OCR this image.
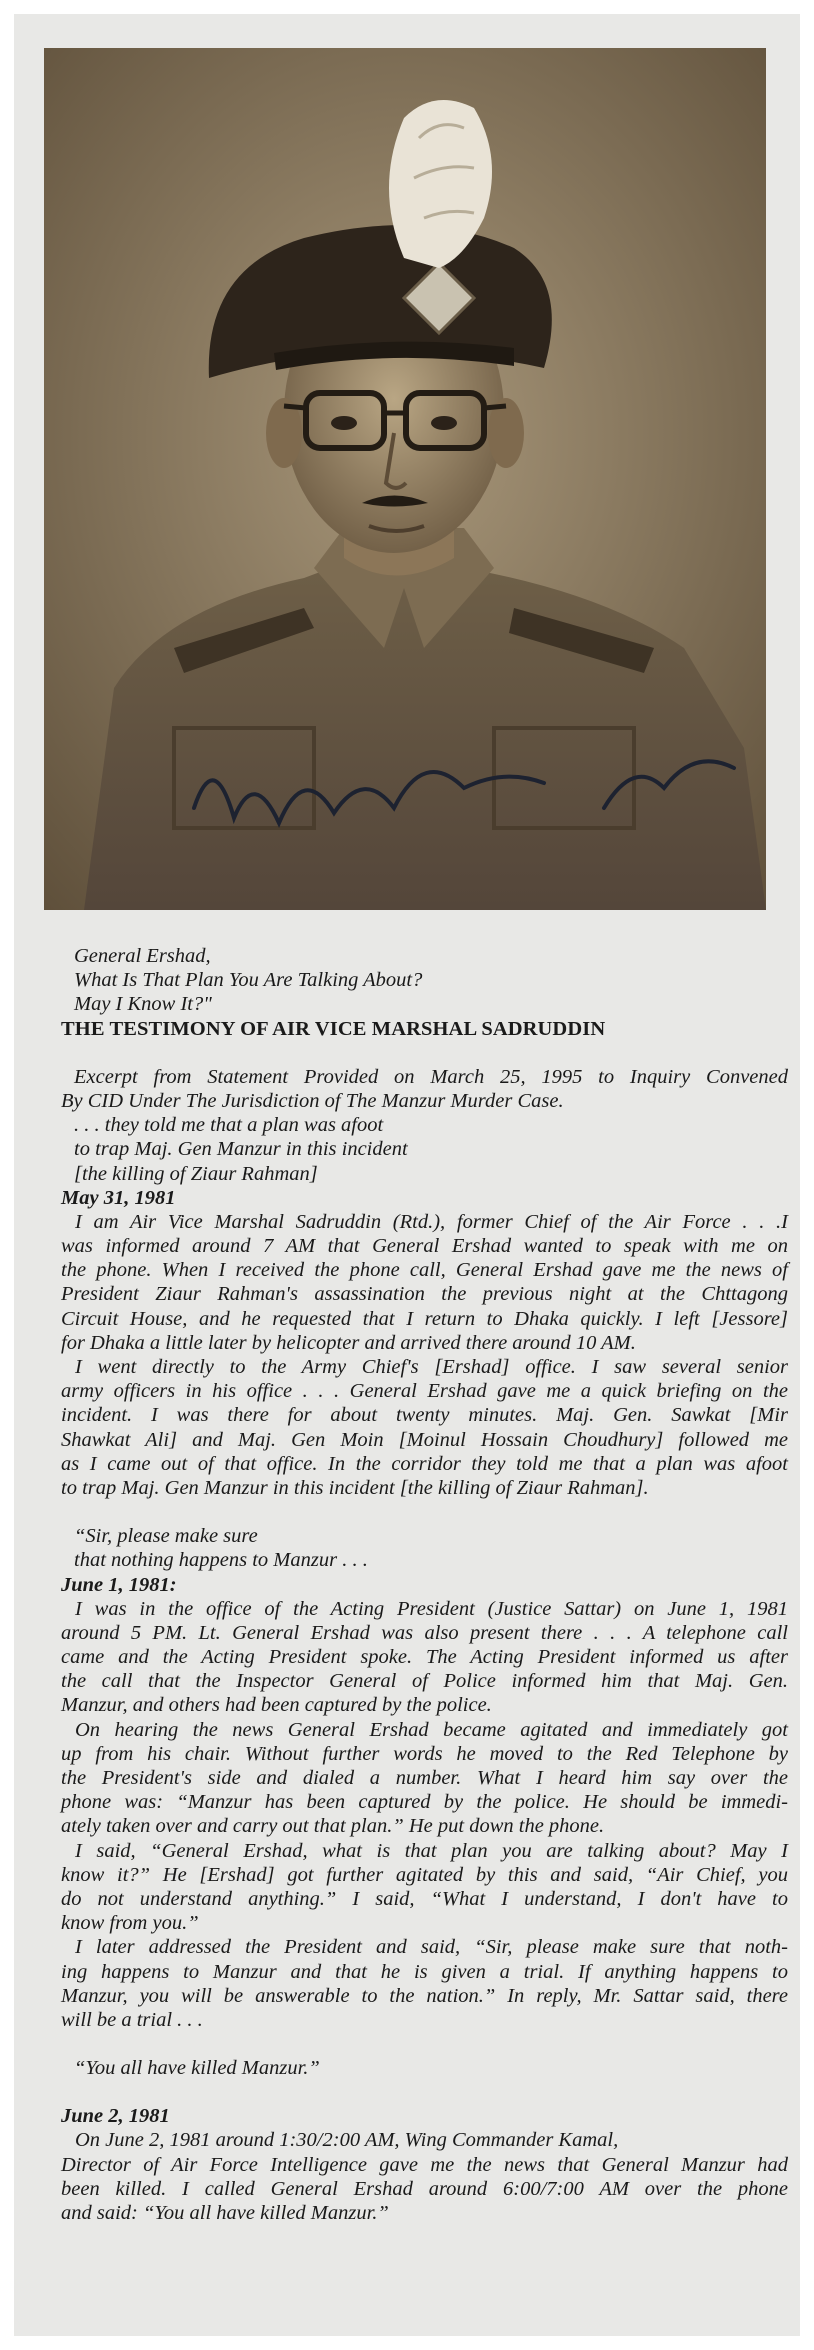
General Ershad,
What Is That Plan You Are Talking About?
May I Know It?"
THE TESTIMONY OF AIR VICE MARSHAL SADRUDDIN
Excerpt from Statement Provided on March 25, 1995 to Inquiry Convened
By CID Under The Jurisdiction of The Manzur Murder Case.
. . . they told me that a plan was afoot
to trap Maj. Gen Manzur in this incident
[the killing of Ziaur Rahman]
May 31, 1981
I am Air Vice Marshal Sadruddin (Rtd.), former Chief of the Air Force . . .I
was informed around 7 AM that General Ershad wanted to speak with me on
the phone. When I received the phone call, General Ershad gave me the news of
President Ziaur Rahman's assassination the previous night at the Chttagong
Circuit House, and he requested that I return to Dhaka quickly. I left [Jessore]
for Dhaka a little later by helicopter and arrived there around 10 AM.
I went directly to the Army Chief's [Ershad] office. I saw several senior
army officers in his office . . . General Ershad gave me a quick briefing on the
incident. I was there for about twenty minutes. Maj. Gen. Sawkat [Mir
Shawkat Ali] and Maj. Gen Moin [Moinul Hossain Choudhury] followed me
as I came out of that office. In the corridor they told me that a plan was afoot
to trap Maj. Gen Manzur in this incident [the killing of Ziaur Rahman].
“Sir, please make sure
that nothing happens to Manzur . . .
June 1, 1981:
I was in the office of the Acting President (Justice Sattar) on June 1, 1981
around 5 PM. Lt. General Ershad was also present there . . . A telephone call
came and the Acting President spoke. The Acting President informed us after
the call that the Inspector General of Police informed him that Maj. Gen.
Manzur, and others had been captured by the police.
On hearing the news General Ershad became agitated and immediately got
up from his chair. Without further words he moved to the Red Telephone by
the President's side and dialed a number. What I heard him say over the
phone was: “Manzur has been captured by the police. He should be immedi-
ately taken over and carry out that plan.” He put down the phone.
I said, “General Ershad, what is that plan you are talking about? May I
know it?” He [Ershad] got further agitated by this and said, “Air Chief, you
do not understand anything.” I said, “What I understand, I don't have to
know from you.”
I later addressed the President and said, “Sir, please make sure that noth-
ing happens to Manzur and that he is given a trial. If anything happens to
Manzur, you will be answerable to the nation.” In reply, Mr. Sattar said, there
will be a trial . . .
“You all have killed Manzur.”
June 2, 1981
On June 2, 1981 around 1:30/2:00 AM, Wing Commander Kamal,
Director of Air Force Intelligence gave me the news that General Manzur had
been killed. I called General Ershad around 6:00/7:00 AM over the phone
and said: “You all have killed Manzur.”
